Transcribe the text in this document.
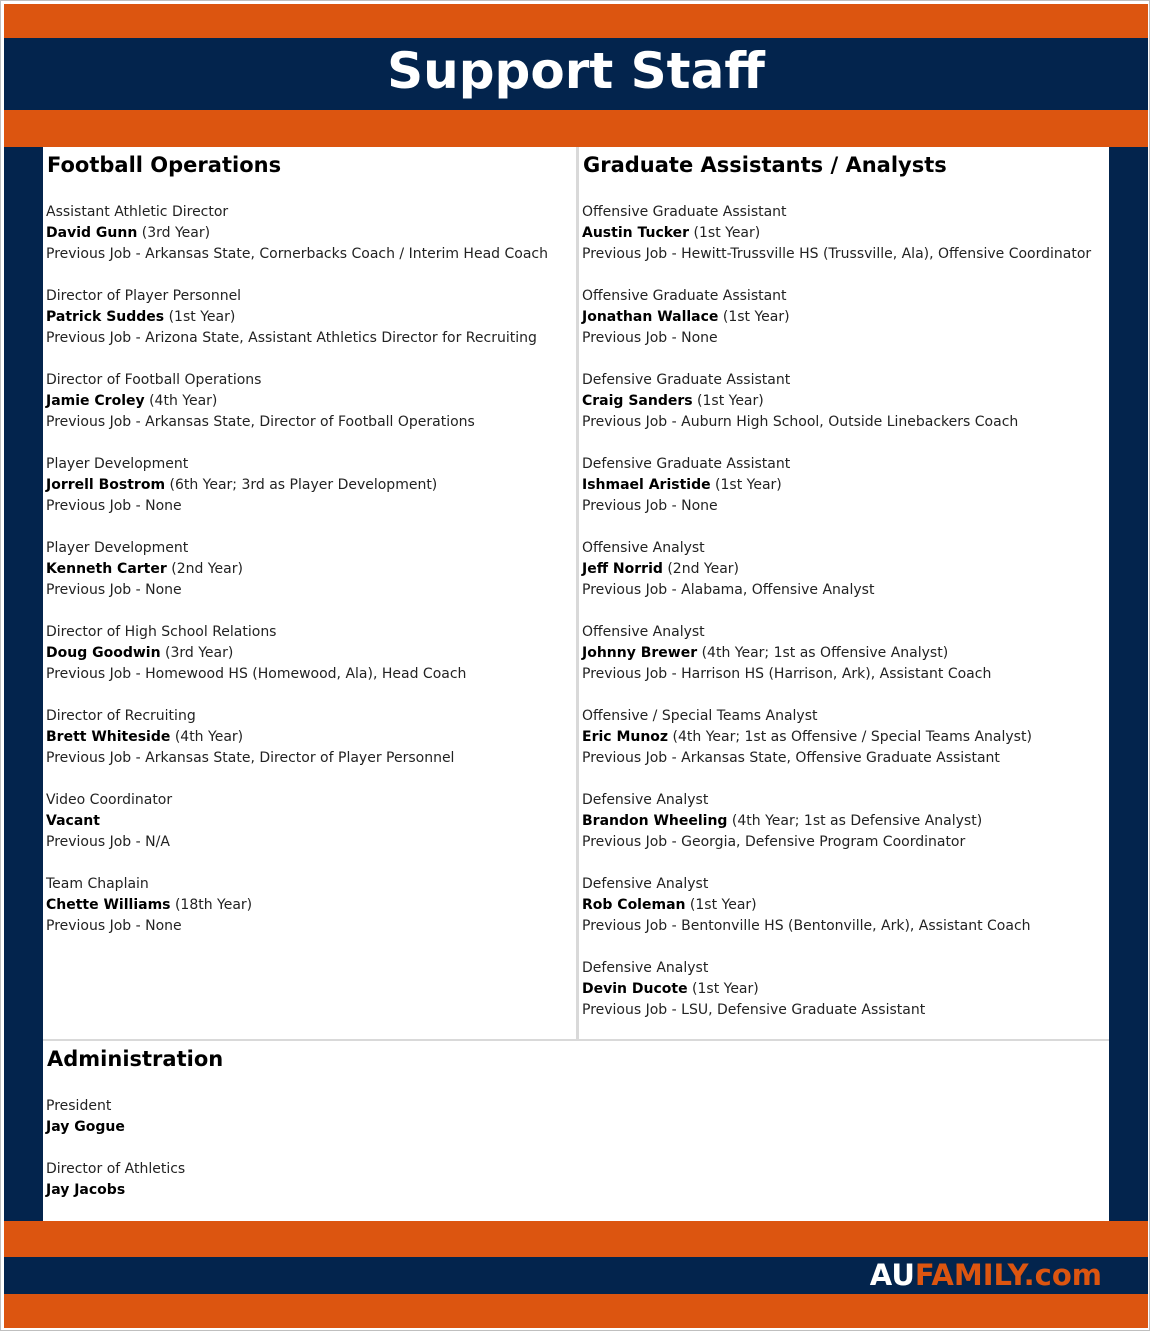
Support Staff
Football Operations
Assistant Athletic Director
David Gunn (3rd Year)
Previous Job - Arkansas State, Cornerbacks Coach / Interim Head Coach
Director of Player Personnel
Patrick Suddes (1st Year)
Previous Job - Arizona State, Assistant Athletics Director for Recruiting
Director of Football Operations
Jamie Croley (4th Year)
Previous Job - Arkansas State, Director of Football Operations
Player Development
Jorrell Bostrom (6th Year; 3rd as Player Development)
Previous Job - None
Player Development
Kenneth Carter (2nd Year)
Previous Job - None
Director of High School Relations
Doug Goodwin (3rd Year)
Previous Job - Homewood HS (Homewood, Ala), Head Coach
Director of Recruiting
Brett Whiteside (4th Year)
Previous Job - Arkansas State, Director of Player Personnel
Video Coordinator
Vacant
Previous Job - N/A
Team Chaplain
Chette Williams (18th Year)
Previous Job - None
Graduate Assistants / Analysts
Offensive Graduate Assistant
Austin Tucker (1st Year)
Previous Job - Hewitt-Trussville HS (Trussville, Ala), Offensive Coordinator
Offensive Graduate Assistant
Jonathan Wallace (1st Year)
Previous Job - None
Defensive Graduate Assistant
Craig Sanders (1st Year)
Previous Job - Auburn High School, Outside Linebackers Coach
Defensive Graduate Assistant
Ishmael Aristide (1st Year)
Previous Job - None
Offensive Analyst
Jeff Norrid (2nd Year)
Previous Job - Alabama, Offensive Analyst
Offensive Analyst
Johnny Brewer (4th Year; 1st as Offensive Analyst)
Previous Job - Harrison HS (Harrison, Ark), Assistant Coach
Offensive / Special Teams Analyst
Eric Munoz (4th Year; 1st as Offensive / Special Teams Analyst)
Previous Job - Arkansas State, Offensive Graduate Assistant
Defensive Analyst
Brandon Wheeling (4th Year; 1st as Defensive Analyst)
Previous Job - Georgia, Defensive Program Coordinator
Defensive Analyst
Rob Coleman (1st Year)
Previous Job - Bentonville HS (Bentonville, Ark), Assistant Coach
Defensive Analyst
Devin Ducote (1st Year)
Previous Job - LSU, Defensive Graduate Assistant
Administration
President
Jay Gogue
Director of Athletics
Jay Jacobs
AUFAMILY.com
